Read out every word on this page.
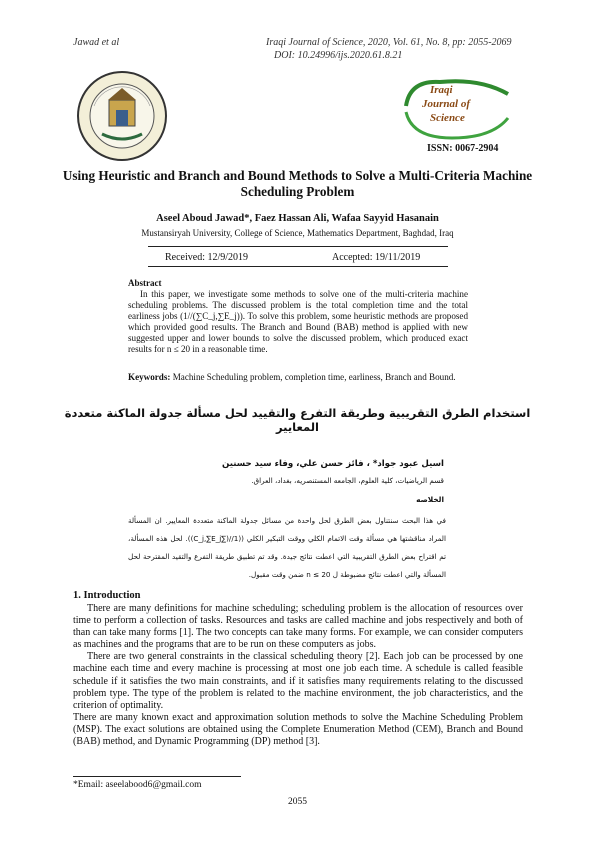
Jawad et al	Iraqi Journal of Science, 2020, Vol. 61, No. 8, pp: 2055-2069
DOI: 10.24996/ijs.2020.61.8.21
Iraqi
Journal of
Science
ISSN: 0067-2904
Using Heuristic and Branch and Bound Methods to Solve a Multi-Criteria Machine Scheduling Problem
Aseel Aboud Jawad*, Faez Hassan Ali, Wafaa Sayyid Hasanain
Mustansiryah University, College of Science, Mathematics Department, Baghdad, Iraq
Received: 12/9/2019	Accepted: 19/11/2019
Abstract
In this paper, we investigate some methods to solve one of the multi-criteria machine scheduling problems. The discussed problem is the total completion time and the total earliness jobs (1//(∑C_j,∑E_j)). To solve this problem, some heuristic methods are proposed which provided good results. The Branch and Bound (BAB) method is applied with new suggested upper and lower bounds to solve the discussed problem, which produced exact results for n ≤ 20 in a reasonable time.
Keywords: Machine Scheduling problem, completion time, earliness, Branch and Bound.
استخدام الطرق التقريبية وطريقة التفرع والتقييد لحل مسألة جدولة الماكنة متعددة المعايير
اسيل عبود جواد* ، فائز حسن علي، وفاء سيد حسنين
قسم الرياضيات، كلية العلوم، الجامعه المستنصريه، بغداد، العراق.
الخلاصه
في هذا البحث سنتناول بعض الطرق لحل واحدة من مسائل جدولة الماكنة متعددة المعايير. ان المسألة المراد مناقشتها هي مسألة وقت الاتمام الكلي ووقت التبكير الكلي ((1//(∑C_j,∑E_j)). لحل هذه المسألة، تم اقتراح بعض الطرق التقريبية التي اعطت نتائج جيدة. وقد تم تطبيق طريقة التفرع والتقيد المقترحة لحل المسألة والتي اعطت نتائج مضبوطة ل n ≤ 20 ضمن وقت مقبول.
1. Introduction

There are many definitions for machine scheduling; scheduling problem is the allocation of resources over time to perform a collection of tasks. Resources and tasks are called machine and jobs respectively and both of than can take many forms [1]. The two concepts can take many forms. For example, we can consider computers as machines and the programs that are to be run on these computers as jobs.

There are two general constraints in the classical scheduling theory [2]. Each job can be processed by one machine each time and every machine is processing at most one job each time. A schedule is called feasible schedule if it satisfies the two main constraints, and if it satisfies many requirements relating to the discussed problem type. The type of the problem is related to the machine environment, the job characteristics, and the criterion of optimality.

There are many known exact and approximation solution methods to solve the Machine Scheduling Problem (MSP). The exact solutions are obtained using the Complete Enumeration Method (CEM), Branch and Bound (BAB) method, and Dynamic Programming (DP) method [3].

*Email: aseelabood6@gmail.com
2055
